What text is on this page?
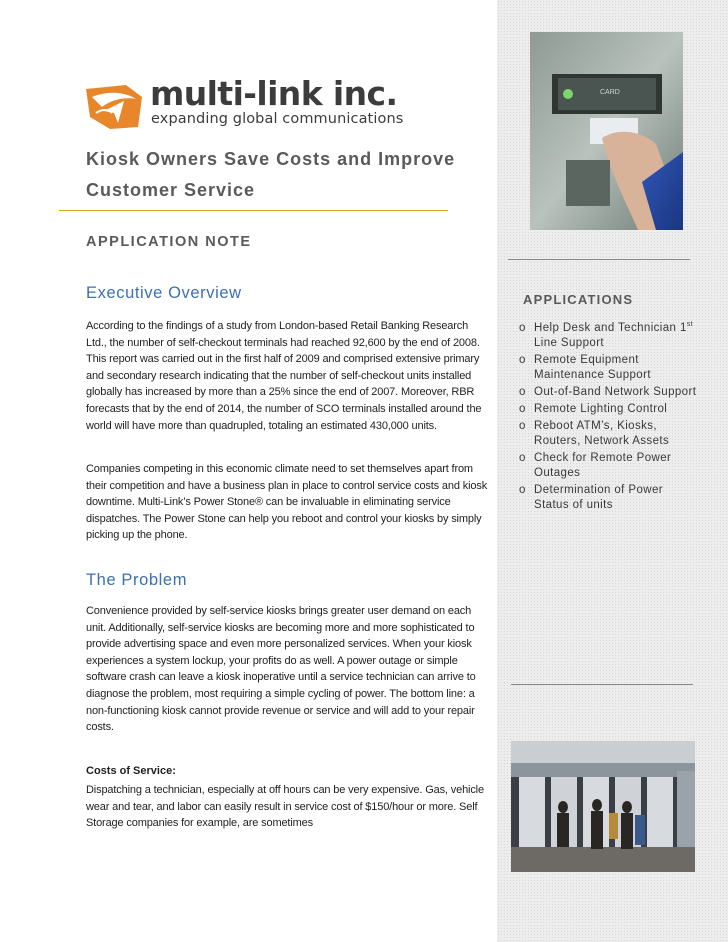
multi-link inc.
expanding global communications
Kiosk Owners Save Costs and Improve Customer Service
APPLICATION NOTE
Executive Overview

According to the findings of a study from London-based Retail Banking Research Ltd., the number of self-checkout terminals had reached 92,600 by the end of 2008. This report was carried out in the first half of 2009 and comprised extensive primary and secondary research indicating that the number of self-checkout units installed globally has increased by more than a 25% since the end of 2007. Moreover, RBR forecasts that by the end of 2014, the number of SCO terminals installed around the world will have more than quadrupled, totaling an estimated 430,000 units.

Companies competing in this economic climate need to set themselves apart from their competition and have a business plan in place to control service costs and kiosk downtime. Multi-Link’s Power Stone® can be invaluable in eliminating service dispatches. The Power Stone can help you reboot and control your kiosks by simply picking up the phone.

The Problem

Convenience provided by self-service kiosks brings greater user demand on each unit. Additionally, self-service kiosks are becoming more and more sophisticated to provide advertising space and even more personalized services. When your kiosk experiences a system lockup, your profits do as well. A power outage or simple software crash can leave a kiosk inoperative until a service technician can arrive to diagnose the problem, most requiring a simple cycling of power. The bottom line: a non-functioning kiosk cannot provide revenue or service and will add to your repair costs.

Costs of Service:

Dispatching a technician, especially at off hours can be very expensive. Gas, vehicle wear and tear, and labor can easily result in service cost of $150/hour or more. Self Storage companies for example, are sometimes

CARD
APPLICATIONS
o Help Desk and Technician 1st Line Support
o Remote Equipment Maintenance Support
o Out-of-Band Network Support
o Remote Lighting Control
o Reboot ATM’s, Kiosks, Routers, Network Assets
o Check for Remote Power Outages
o Determination of Power Status of units
